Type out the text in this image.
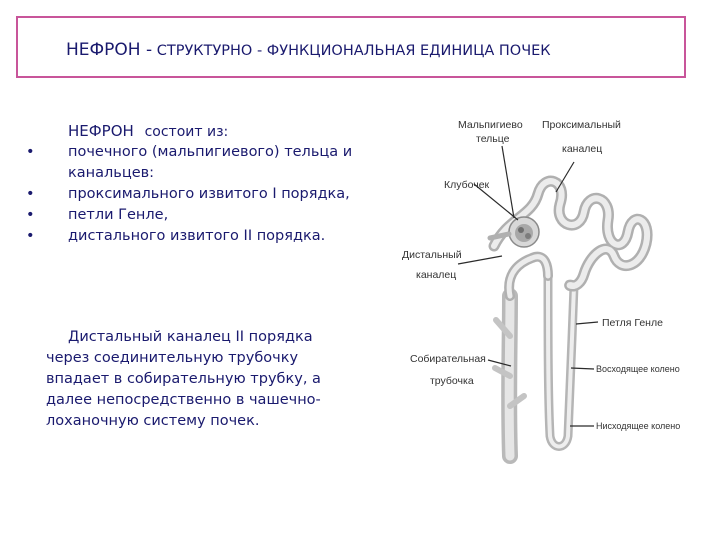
НЕФРОН - СТРУКТУРНО - ФУНКЦИОНАЛЬНАЯ ЕДИНИЦА ПОЧЕК
НЕФРОН состоит из:
• почечного (мальпигиевого) тельца и канальцев:
• проксимального извитого I порядка,
• петли Генле,
• дистального извитого II порядка.

Дистальный каналец II порядка

через соединительную трубочку

впадает в собирательную трубку, а

далее непосредственно в чашечно-

лоханочную систему почек.

Мальпигиево
тельце
Проксимальный
каналец
Клубочек
Дистальный
каналец
Петля Генле
Собирательная
трубочка
Восходящее колено
Нисходящее колено
